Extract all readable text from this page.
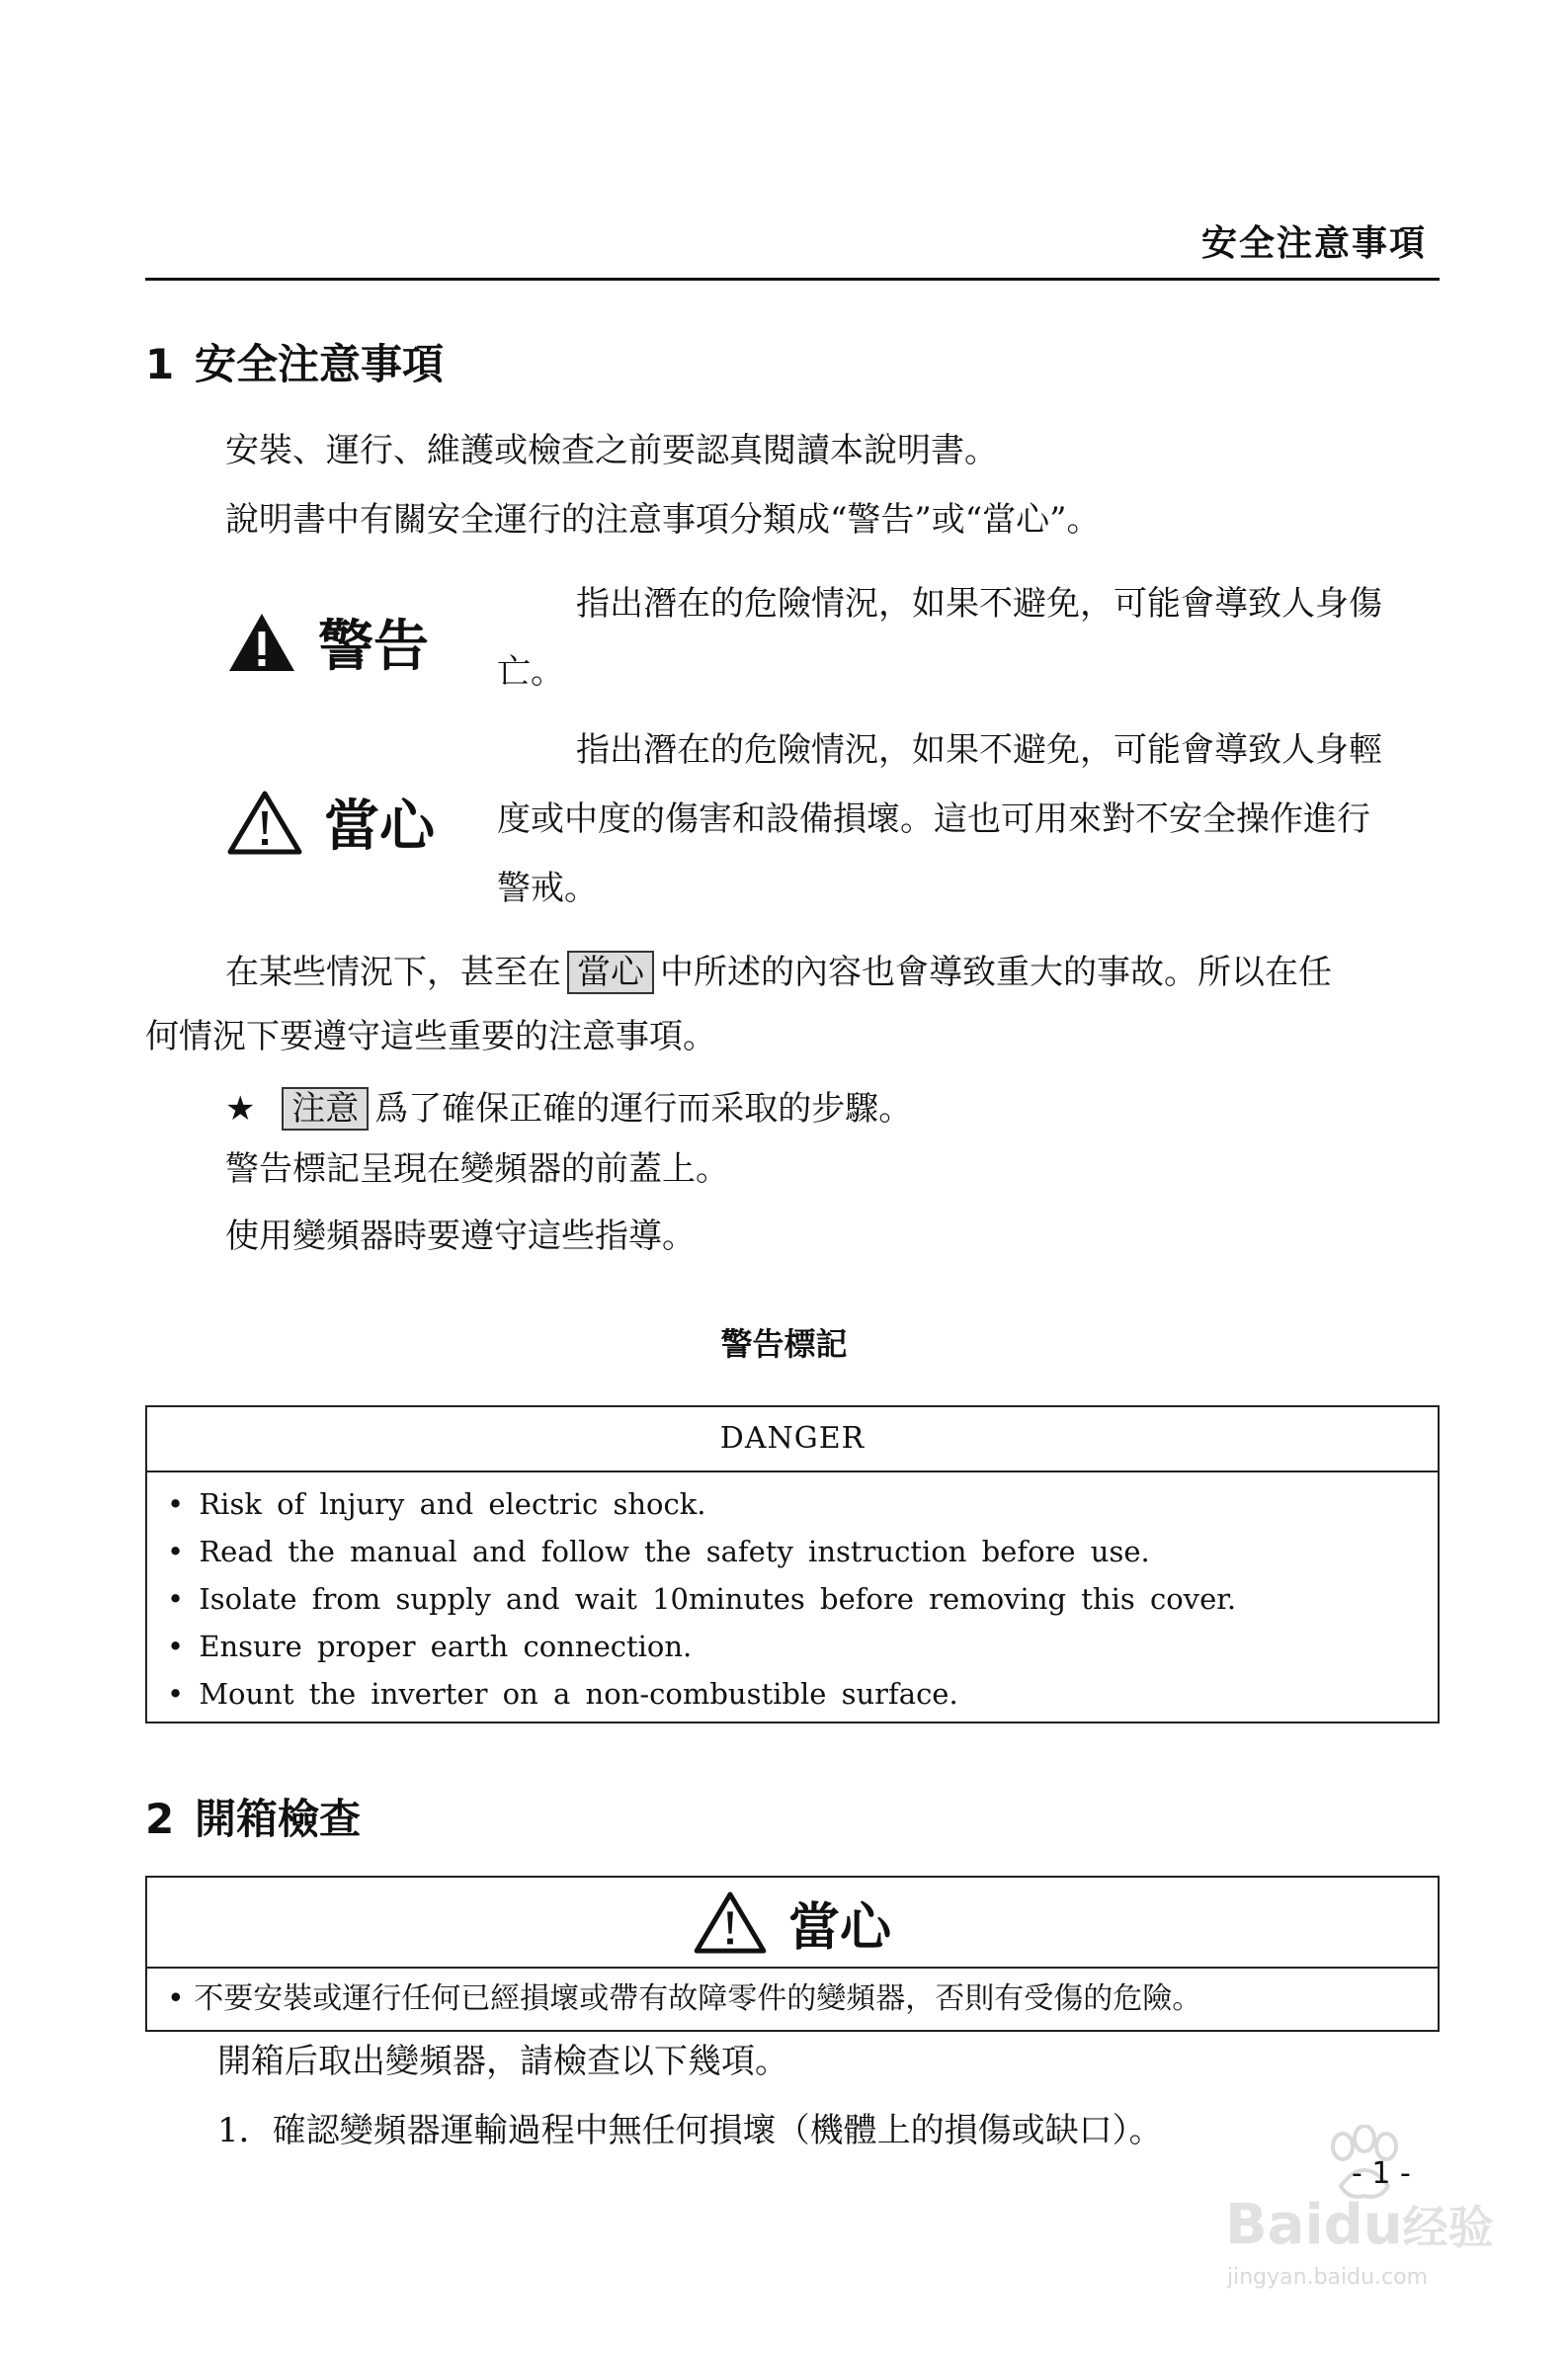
安全注意事項
1 安全注意事項
安裝、運行、維護或檢查之前要認真閱讀本說明書。
說明書中有關安全運行的注意事項分類成“警告”或“當心”。
警告
指出潛在的危險情況，如果不避免，可能會導致人身傷
亡。
當心
指出潛在的危險情況，如果不避免，可能會導致人身輕
度或中度的傷害和設備損壞。這也可用來對不安全操作進行
警戒。
在某些情況下，甚至在 當心 中所述的內容也會導致重大的事故。所以在任
何情況下要遵守這些重要的注意事項。
★ 注意 爲了確保正確的運行而采取的步驟。
警告標記呈現在變頻器的前蓋上。
使用變頻器時要遵守這些指導。
警告標記
DANGER
• Risk of lnjury and electric shock.
• Read the manual and follow the safety instruction before use.
• Isolate from supply and wait 10minutes before removing this cover.
• Ensure proper earth connection.
• Mount the inverter on a non-combustible surface.
2 開箱檢查
當心
• 不要安裝或運行任何已經損壞或帶有故障零件的變頻器，否則有受傷的危險。
開箱后取出變頻器，請檢查以下幾項。
1．確認變頻器運輸過程中無任何損壞（機體上的損傷或缺口）。
Baidu经验
jingyan.baidu.com
- 1 -
